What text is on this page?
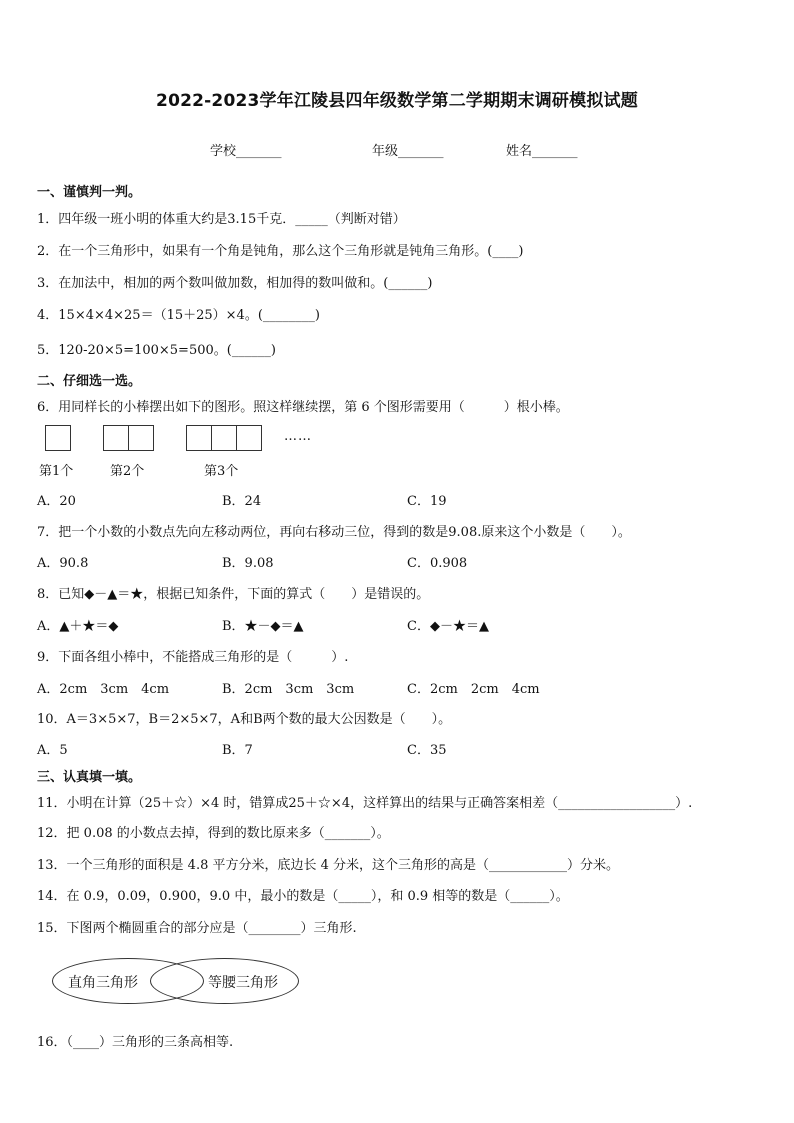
2022-2023学年江陵县四年级数学第二学期期末调研模拟试题
学校_______	年级_______	姓名_______
一、谨慎判一判。
1．四年级一班小明的体重大约是3.15千克．_____（判断对错）
2．在一个三角形中，如果有一个角是钝角，那么这个三角形就是钝角三角形。(____)
3．在加法中，相加的两个数叫做加数，相加得的数叫做和。(______)
4．15×4×4×25＝（15＋25）×4。(________)
5．120-20×5=100×5=500。(______)
二、仔细选一选。
6．用同样长的小棒摆出如下的图形。照这样继续摆，第 6 个图形需要用（　　　）根小棒。
……
第1个	第2个	第3个
A．20	B．24	C．19
7．把一个小数的小数点先向左移动两位，再向右移动三位，得到的数是9.08.原来这个小数是（　　）。
A．90.8	B．9.08	C．0.908
8．已知◆－▲＝★，根据已知条件，下面的算式（　　）是错误的。
A．▲＋★＝◆	B．★－◆＝▲	C．◆－★＝▲
9．下面各组小棒中，不能搭成三角形的是（　　　）.
A．2cm　3cm　4cm	B．2cm　3cm　3cm	C．2cm　2cm　4cm
10．A＝3×5×7，B＝2×5×7，A和B两个数的最大公因数是（　　）。
A．5	B．7	C．35
三、认真填一填。
11．小明在计算（25＋☆）×4 时，错算成25＋☆×4，这样算出的结果与正确答案相差（__________________）.
12．把 0.08 的小数点去掉，得到的数比原来多（_______）。
13．一个三角形的面积是 4.8 平方分米，底边长 4 分米，这个三角形的高是（____________）分米。
14．在 0.9，0.09，0.900，9.0 中，最小的数是（_____），和 0.9 相等的数是（______）。
15．下图两个椭圆重合的部分应是（________）三角形.
直角三角形	等腰三角形
16．（____）三角形的三条高相等.
